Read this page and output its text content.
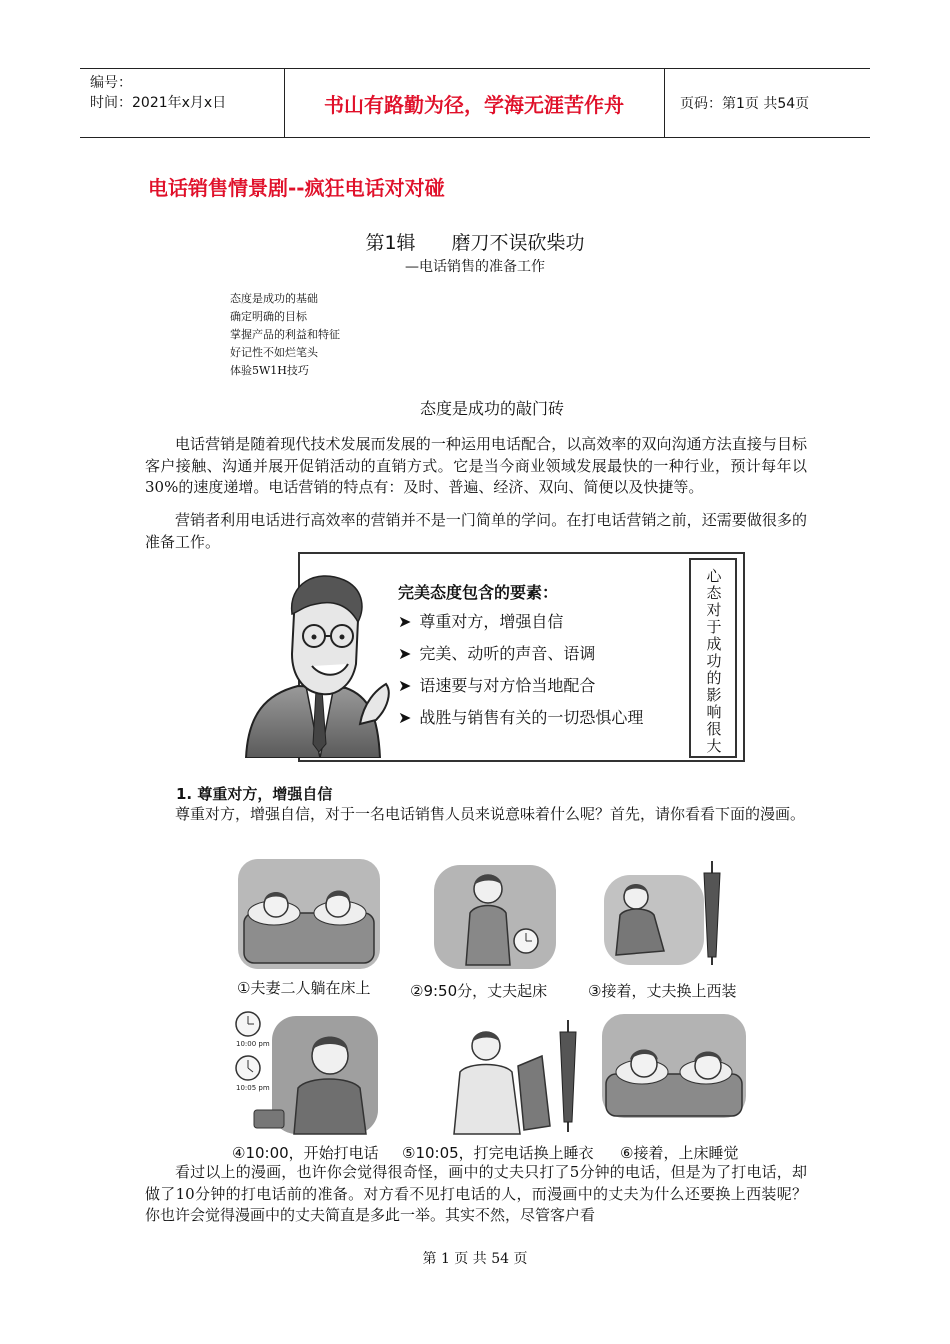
编号：
时间：2021年x月x日	书山有路勤为径，学海无涯苦作舟	页码：第1页 共54页
电话销售情景剧--疯狂电话对对碰
第1辑 磨刀不误砍柴功
—电话销售的准备工作
态度是成功的基础
确定明确的目标
掌握产品的利益和特征
好记性不如烂笔头
体验5W1H技巧
态度是成功的敲门砖
电话营销是随着现代技术发展而发展的一种运用电话配合，以高效率的双向沟通方法直接与目标客户接触、沟通并展开促销活动的直销方式。它是当今商业领域发展最快的一种行业，预计每年以30%的速度递增。电话营销的特点有：及时、普遍、经济、双向、简便以及快捷等。
营销者利用电话进行高效率的营销并不是一门简单的学问。在打电话营销之前，还需要做很多的准备工作。
心态对于成功的影响很大
完美态度包含的要素：
➤ 尊重对方，增强自信
➤ 完美、动听的声音、语调
➤ 语速要与对方恰当地配合
➤ 战胜与销售有关的一切恐惧心理
1. 尊重对方，增强自信
尊重对方，增强自信，对于一名电话销售人员来说意味着什么呢？首先，请你看看下面的漫画。
①夫妻二人躺在床上	②9:50分，丈夫起床	③接着，丈夫换上西装
10:00 pm
10:05 pm
④10:00，开始打电话 ⑤10:05，打完电话换上睡衣 ⑥接着，上床睡觉
看过以上的漫画，也许你会觉得很奇怪，画中的丈夫只打了5分钟的电话，但是为了打电话，却做了10分钟的打电话前的准备。对方看不见打电话的人，而漫画中的丈夫为什么还要换上西装呢？你也许会觉得漫画中的丈夫简直是多此一举。其实不然，尽管客户看
第 1 页 共 54 页
